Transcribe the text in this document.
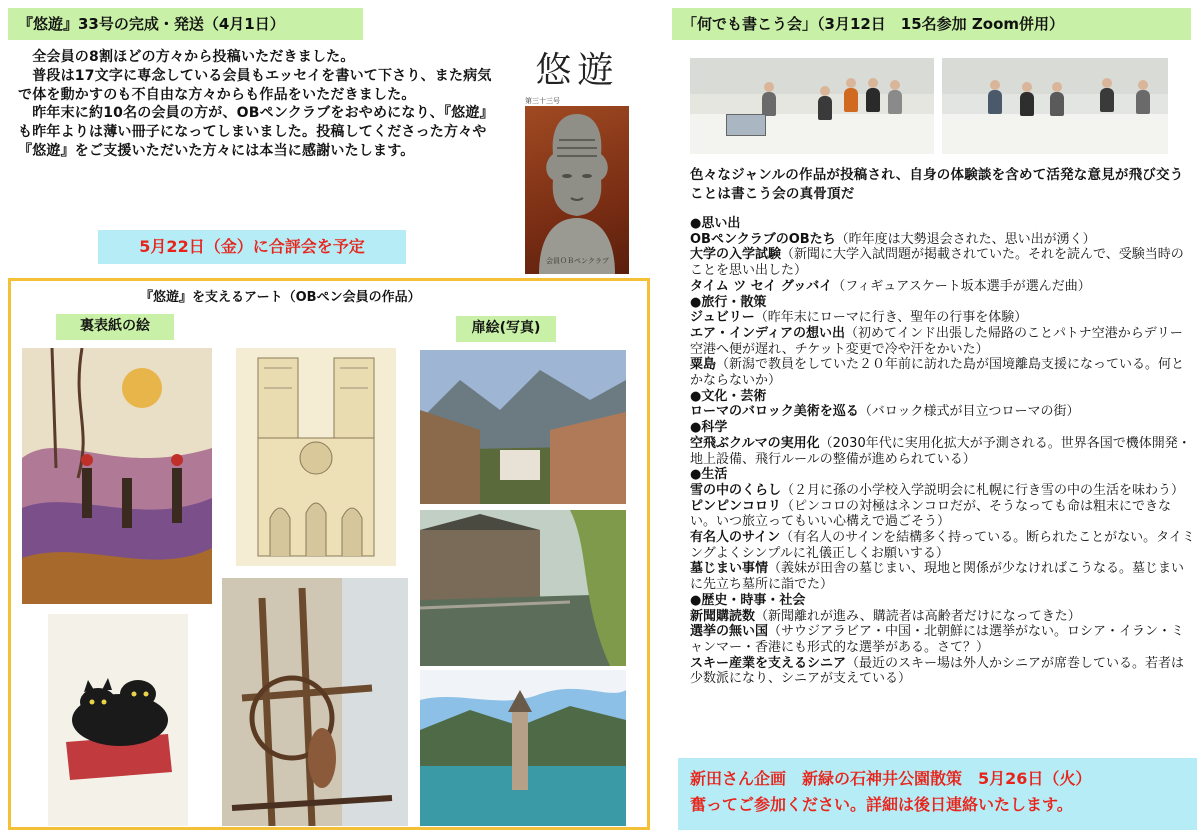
『悠遊』33号の完成・発送（4月1日）

　全会員の8割ほどの方々から投稿いただきました。

　普段は17文字に専念している会員もエッセイを書いて下さり、また病気で体を動かすのも不自由な方々からも作品をいただきました。

　昨年末に約10名の会員の方が、OBペンクラブをおやめになり、『悠遊』も昨年よりは薄い冊子になってしまいました。投稿してくださった方々や『悠遊』をご支援いただいた方々には本当に感謝いたします。

5月22日（金）に合評会を予定
悠遊
第三十三号
会員ＯＢペンクラブ
『悠遊』を支えるアート（OBペン会員の作品）
裏表紙の絵	扉絵(写真)
「何でも書こう会」（3月12日　15名参加 Zoom併用）
色々なジャンルの作品が投稿され、自身の体験談を含めて活発な意見が飛び交うことは書こう会の真骨頂だ
●思い出
OBペンクラブのOBたち（昨年度は大勢退会された、思い出が湧く）
大学の入学試験（新聞に大学入試問題が掲載されていた。それを読んで、受験当時のことを思い出した）
タイム ツ セイ グッバイ（フィギュアスケート坂本選手が選んだ曲）
●旅行・散策
ジュビリー（昨年末にローマに行き、聖年の行事を体験）
エア・インディアの想い出（初めてインド出張した帰路のことパトナ空港からデリー空港へ便が遅れ、チケット変更で冷や汗をかいた）
粟島（新潟で教員をしていた２０年前に訪れた島が国境離島支援になっている。何とかならないか）
●文化・芸術
ローマのバロック美術を巡る（バロック様式が目立つローマの街）
●科学
空飛ぶクルマの実用化（2030年代に実用化拡大が予測される。世界各国で機体開発・地上設備、飛行ルールの整備が進められている）
●生活
雪の中のくらし（２月に孫の小学校入学説明会に札幌に行き雪の中の生活を味わう）
ピンピンコロリ（ピンコロの対極はネンコロだが、そうなっても命は粗末にできない。いつ旅立ってもいい心構えで過ごそう）
有名人のサイン（有名人のサインを結構多く持っている。断られたことがない。タイミングよくシンプルに礼儀正しくお願いする）
墓じまい事情（義妹が田舎の墓じまい、現地と関係が少なければこうなる。墓じまいに先立ち墓所に詣でた）
●歴史・時事・社会
新聞購読数（新聞離れが進み、購読者は高齢者だけになってきた）
選挙の無い国（サウジアラビア・中国・北朝鮮には選挙がない。ロシア・イラン・ミャンマー・香港にも形式的な選挙がある。さて？）
スキー産業を支えるシニア（最近のスキー場は外人かシニアが席巻している。若者は少数派になり、シニアが支えている）
新田さん企画　新緑の石神井公園散策　5月26日（火）
奮ってご参加ください。詳細は後日連絡いたします。
